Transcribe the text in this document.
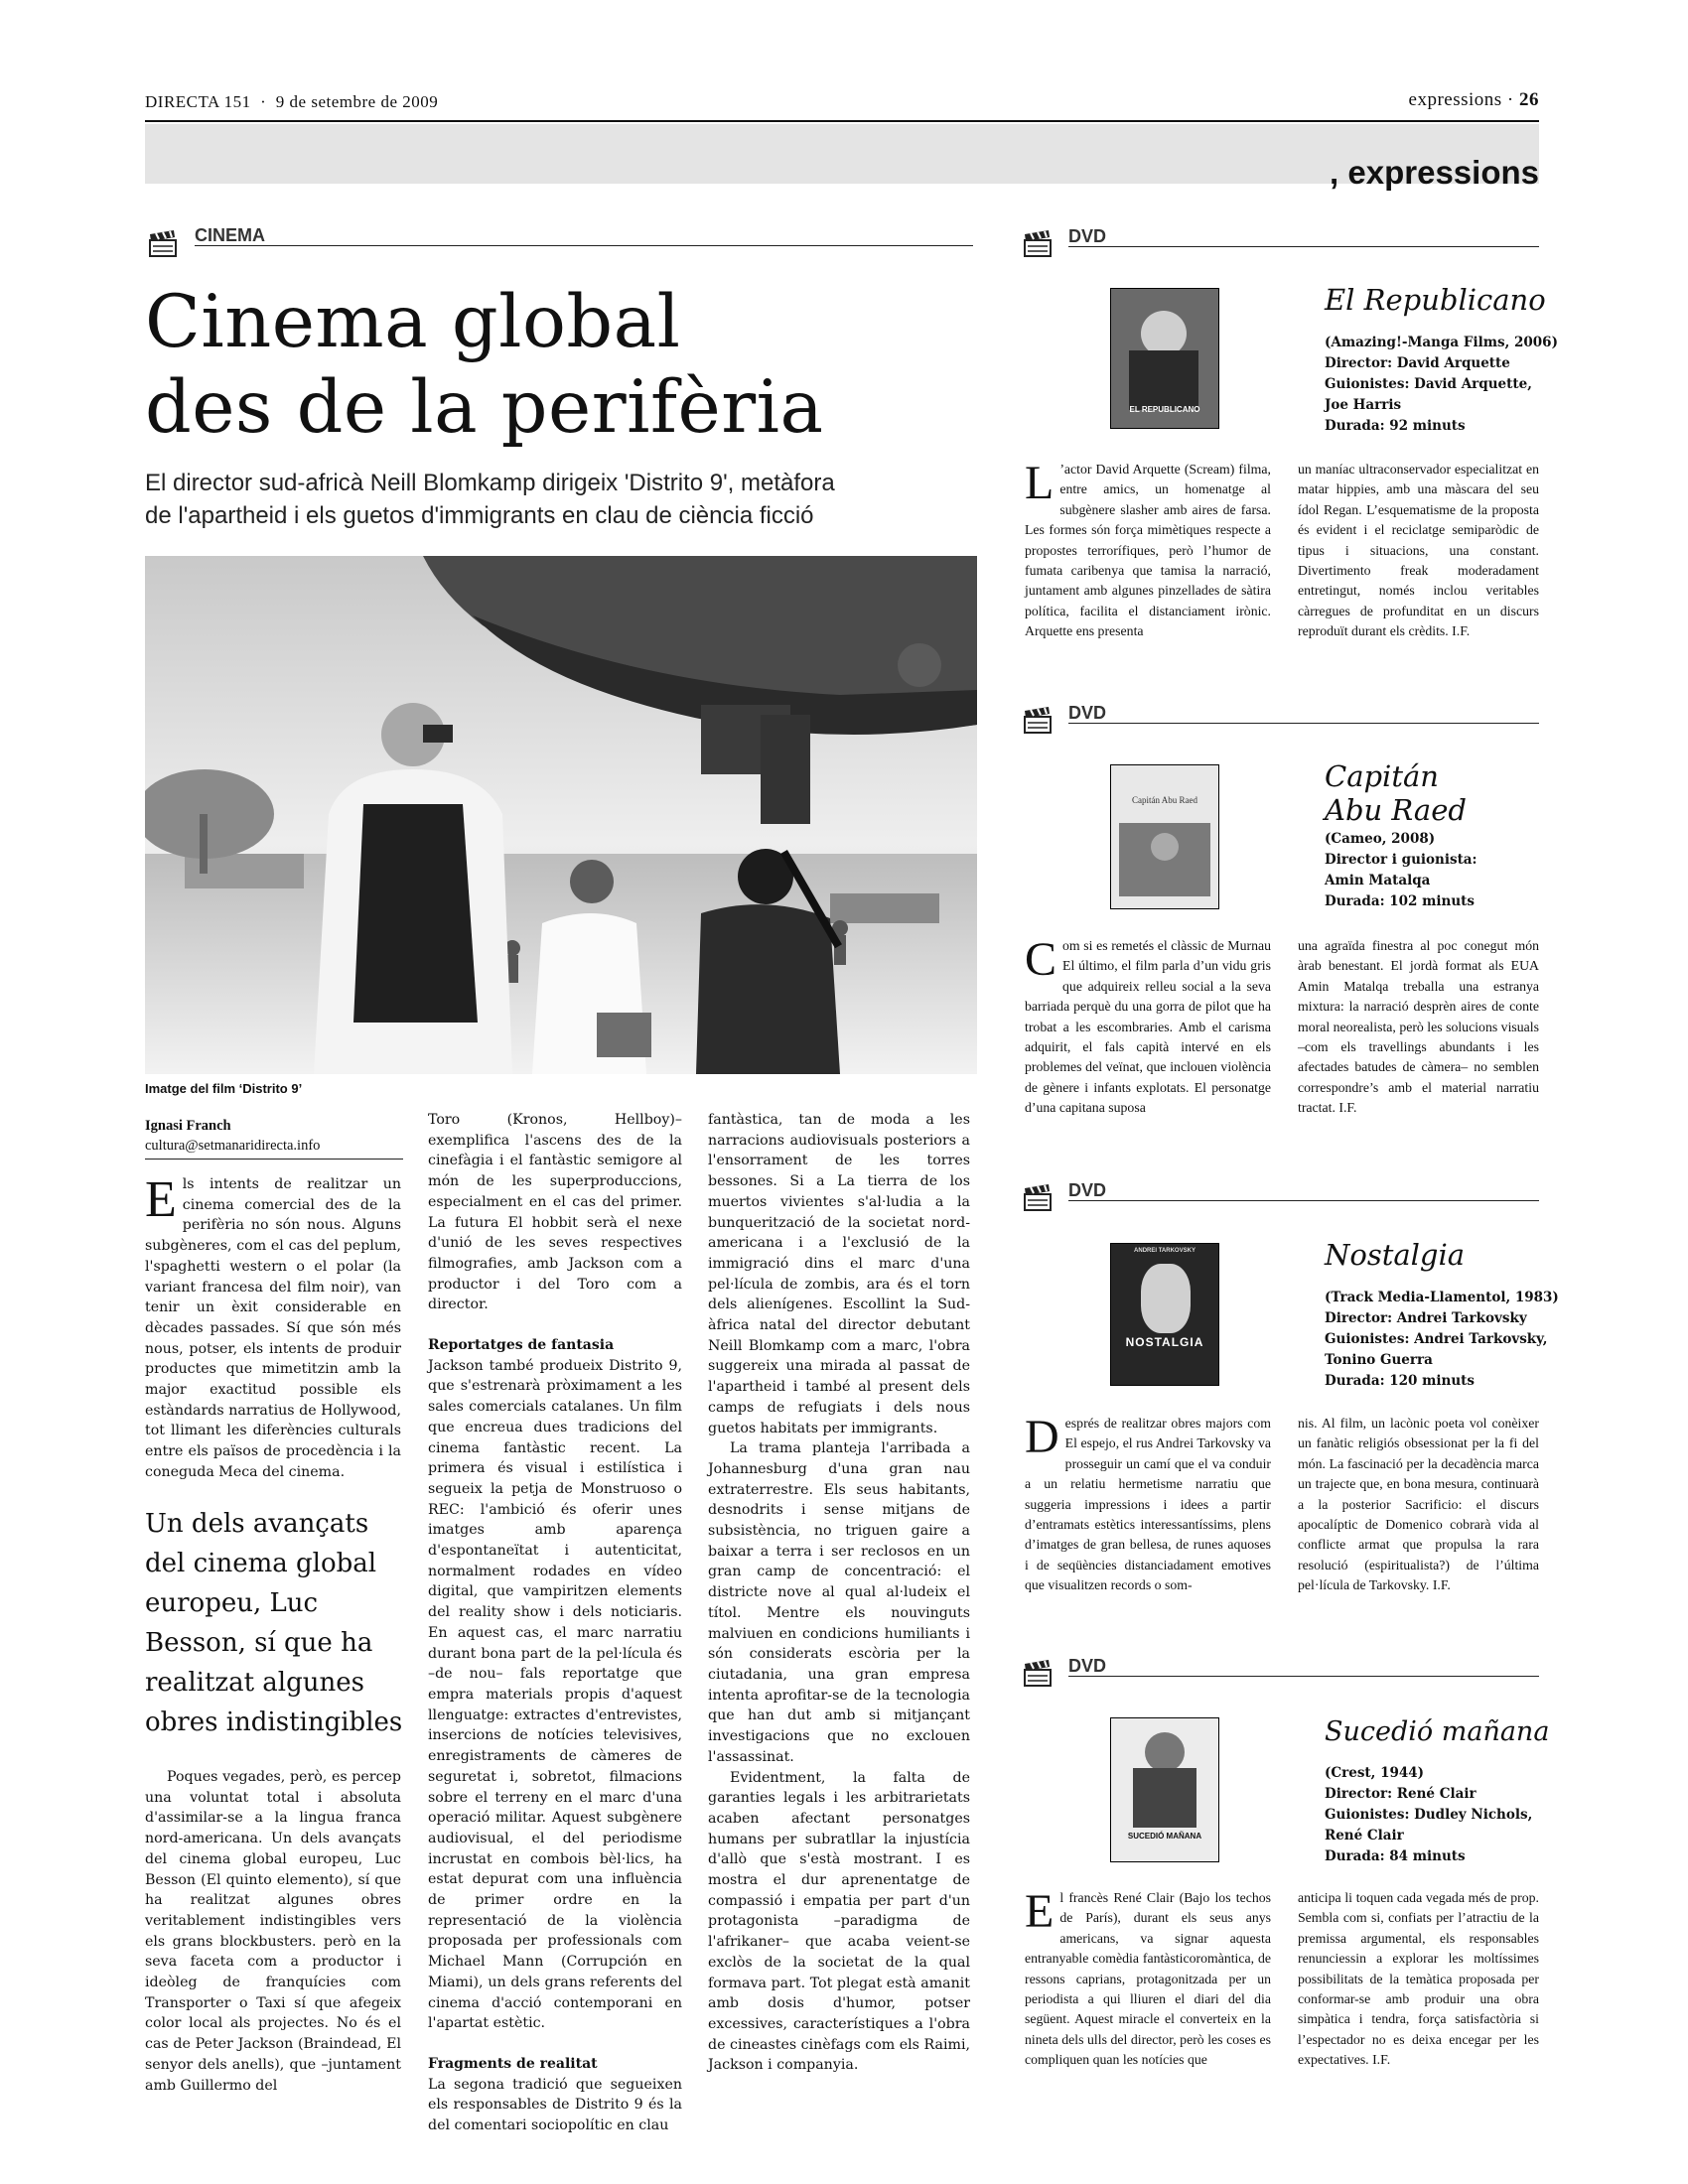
DIRECTA 151 · 9 de setembre de 2009	expressions · 26
, expressions
CINEMA
Cinema global
des de la perifèria
El director sud-africà Neill Blomkamp dirigeix 'Distrito 9', metàfora
de l'apartheid i els guetos d'immigrants en clau de ciència ficció
Imatge del film ‘Distrito 9’
Ignasi Franch
cultura@setmanaridirecta.info

Els intents de realitzar un cinema comercial des de la perifèria no són nous. Alguns subgèneres, com el cas del peplum, l'spaghetti western o el polar (la variant francesa del film noir), van tenir un èxit considerable en dècades passades. Sí que són més nous, potser, els intents de produir productes que mimetitzin amb la major exactitud possible els estàndards narratius de Hollywood, tot llimant les diferències culturals entre els països de procedència i la coneguda Meca del cinema.

Un dels avançats del cinema global europeu, Luc Besson, sí que ha realitzat algunes obres indistingibles

Poques vegades, però, es percep una voluntat total i absoluta d'assimilar-se a la lingua franca nord-americana. Un dels avançats del cinema global europeu, Luc Besson (El quinto elemento), sí que ha realitzat algunes obres veritablement indistingibles vers els grans blockbusters. però en la seva faceta com a productor i ideòleg de franquícies com Transporter o Taxi sí que afegeix color local als projectes. No és el cas de Peter Jackson (Braindead, El senyor dels anells), que –juntament amb Guillermo del

Toro (Kronos, Hellboy)– exemplifica l'ascens des de la cinefàgia i el fantàstic semigore al món de les superproduccions, especialment en el cas del primer. La futura El hobbit serà el nexe d'unió de les seves respectives filmografies, amb Jackson com a productor i del Toro com a director.

Reportatges de fantasia

Jackson també produeix Distrito 9, que s'estrenarà pròximament a les sales comercials catalanes. Un film que encreua dues tradicions del cinema fantàstic recent. La primera és visual i estilística i segueix la petja de Monstruoso o REC: l'ambició és oferir unes imatges amb aparença d'espontaneïtat i autenticitat, normalment rodades en vídeo digital, que vampiritzen elements del reality show i dels noticiaris. En aquest cas, el marc narratiu durant bona part de la pel·lícula és –de nou– fals reportatge que empra materials propis d'aquest llenguatge: extractes d'entrevistes, insercions de notícies televisives, enregistraments de càmeres de seguretat i, sobretot, filmacions sobre el terreny en el marc d'una operació militar. Aquest subgènere audiovisual, el del periodisme incrustat en combois bèl·lics, ha estat depurat com una influència de primer ordre en la representació de la violència proposada per professionals com Michael Mann (Corrupción en Miami), un dels grans referents del cinema d'acció contemporani en l'apartat estètic.

Fragments de realitat

La segona tradició que segueixen els responsables de Distrito 9 és la del comentari sociopolític en clau

fantàstica, tan de moda a les narracions audiovisuals posteriors a l'ensorrament de les torres bessones. Si a La tierra de los muertos vivientes s'al·ludia a la bunquerització de la societat nord-americana i a l'exclusió de la immigració dins el marc d'una pel·lícula de zombis, ara és el torn dels alienígenes. Escollint la Sud-àfrica natal del director debutant Neill Blomkamp com a marc, l'obra suggereix una mirada al passat de l'apartheid i també al present dels camps de refugiats i dels nous guetos habitats per immigrants.

La trama planteja l'arribada a Johannesburg d'una gran nau extraterrestre. Els seus habitants, desnodrits i sense mitjans de subsistència, no triguen gaire a baixar a terra i ser reclosos en un gran camp de concentració: el districte nove al qual al·ludeix el títol. Mentre els nouvinguts malviuen en condicions humiliants i són considerats escòria per la ciutadania, una gran empresa intenta aprofitar-se de la tecnologia que han dut amb si mitjançant investigacions que no exclouen l'assassinat.

Evidentment, la falta de garanties legals i les arbitrarietats acaben afectant personatges humans per subratllar la injustícia d'allò que s'està mostrant. I es mostra el dur aprenentatge de compassió i empatia per part d'un protagonista –paradigma de l'afrikaner– que acaba veient-se exclòs de la societat de la qual formava part. Tot plegat està amanit amb dosis d'humor, potser excessives, característiques a l'obra de cineastes cinèfags com els Raimi, Jackson i companyia.

DVD
EL REPUBLICANO
El Republicano
(Amazing!-Manga Films, 2006)
Director: David Arquette
Guionistes: David Arquette,
Joe Harris
Durada: 92 minuts
L ’actor David Arquette (Scream) filma, entre amics, un homenatge al subgènere slasher amb aires de farsa. Les formes són força mimètiques respecte a propostes terrorífiques, però l’humor de fumata caribenya que tamisa la narració, juntament amb algunes pinzellades de sàtira política, facilita el distanciament irònic. Arquette ens presenta
un maníac ultraconservador especialitzat en matar hippies, amb una màscara del seu ídol Regan. L’esquematisme de la proposta és evident i el reciclatge semiparòdic de tipus i situacions, una constant. Divertimento freak moderadament entretingut, només inclou veritables càrregues de profunditat en un discurs reproduït durant els crèdits. I.F.
DVD
Capitán Abu Raed
Capitán
Abu Raed
(Cameo, 2008)
Director i guionista:
Amin Matalqa
Durada: 102 minuts
Com si es remetés el clàssic de Murnau El último, el film parla d’un vidu gris que adquireix relleu social a la seva barriada perquè du una gorra de pilot que ha trobat a les escombraries. Amb el carisma adquirit, el fals capità intervé en els problemes del veïnat, que inclouen violència de gènere i infants explotats. El personatge d’una capitana suposa
una agraïda finestra al poc conegut món àrab benestant. El jordà format als EUA Amin Matalqa treballa una estranya mixtura: la narració desprèn aires de conte moral neorealista, però les solucions visuals –com els travellings abundants i les afectades batudes de càmera– no semblen correspondre’s amb el material narratiu tractat. I.F.
DVD
ANDREI TARKOVSKY
NOSTALGIA
Nostalgia
(Track Media-Llamentol, 1983)
Director: Andrei Tarkovsky
Guionistes: Andrei Tarkovsky,
Tonino Guerra
Durada: 120 minuts
Després de realitzar obres majors com El espejo, el rus Andrei Tarkovsky va prosseguir un camí que el va conduir a un relatiu hermetisme narratiu que suggeria impressions i idees a partir d’entramats estètics interessantíssims, plens d’imatges de gran bellesa, de runes aquoses i de seqüències distanciadament emotives que visualitzen records o som-
nis. Al film, un lacònic poeta vol conèixer un fanàtic religiós obsessionat per la fi del món. La fascinació per la decadència marca un trajecte que, en bona mesura, continuarà a la posterior Sacrificio: el discurs apocalíptic de Domenico cobrarà vida al conflicte armat que propulsa la rara resolució (espiritualista?) de l’última pel·lícula de Tarkovsky. I.F.
DVD
SUCEDIÓ MAÑANA
Sucedió mañana
(Crest, 1944)
Director: René Clair
Guionistes: Dudley Nichols,
René Clair
Durada: 84 minuts
El francès René Clair (Bajo los techos de París), durant els seus anys americans, va signar aquesta entranyable comèdia fantàsticoromàntica, de ressons caprians, protagonitzada per un periodista a qui lliuren el diari del dia següent. Aquest miracle el converteix en la nineta dels ulls del director, però les coses es compliquen quan les notícies que
anticipa li toquen cada vegada més de prop. Sembla com si, confiats per l’atractiu de la premissa argumental, els responsables renunciessin a explorar les moltíssimes possibilitats de la temàtica proposada per conformar-se amb produir una obra simpàtica i tendra, força satisfactòria si l’espectador no es deixa encegar per les expectatives. I.F.
